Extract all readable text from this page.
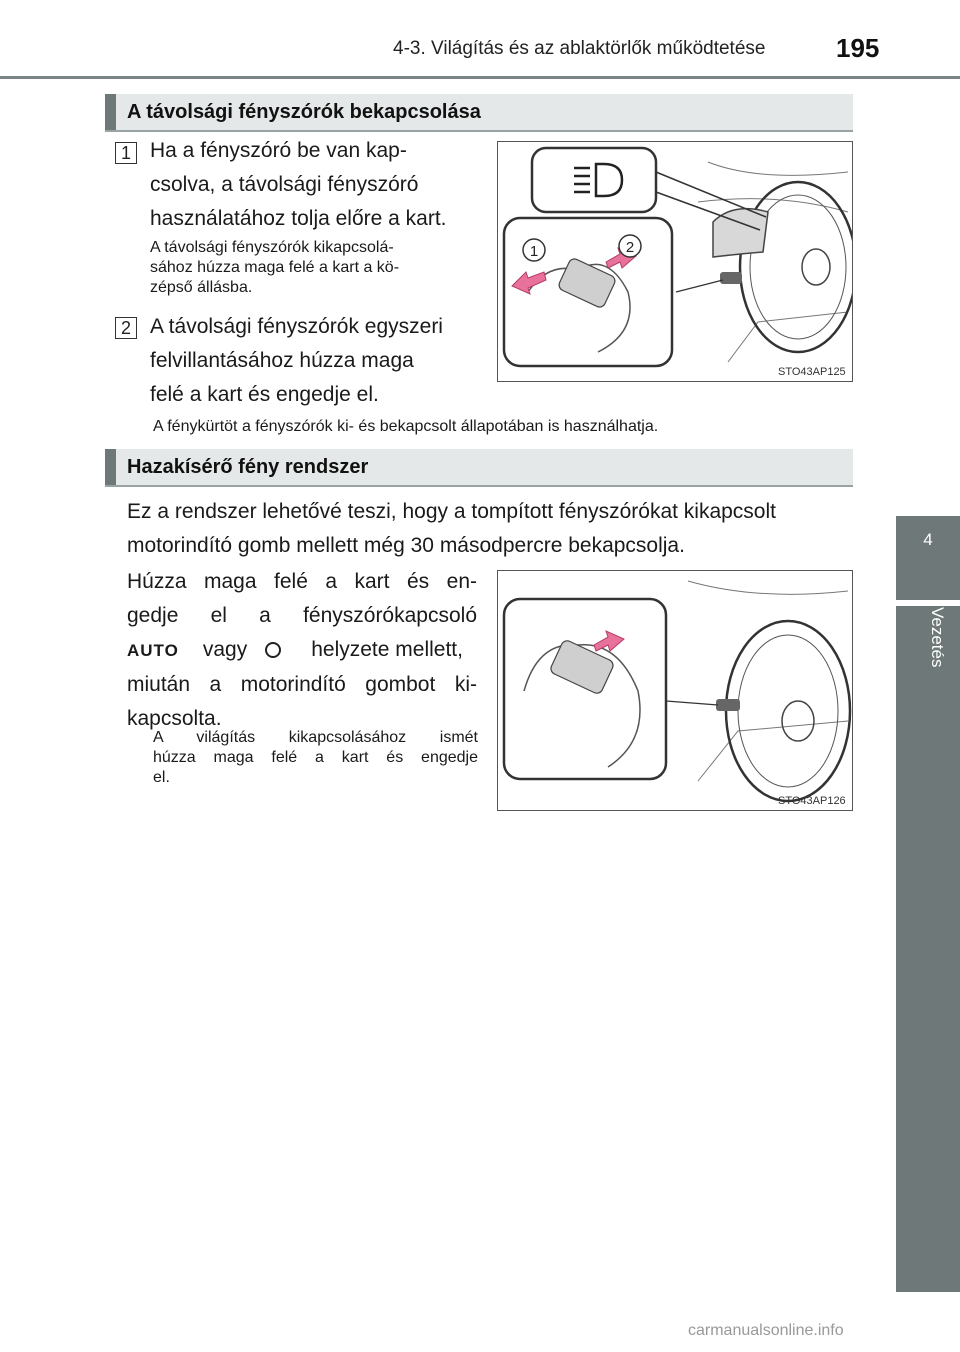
4-3. Világítás és az ablaktörlők működtetése	195
4
Vezetés
A távolsági fényszórók bekapcsolása
1 Ha a fényszóró be van kap-
csolva, a távolsági fényszóró
használatához tolja előre a kart.
A távolsági fényszórók kikapcsolá-
sához húzza maga felé a kart a kö-
zépső állásba.
2 A távolsági fényszórók egyszeri
felvillantásához húzza maga
felé a kart és engedje el.
1	2
STO43AP125
A fénykürtöt a fényszórók ki- és bekapcsolt állapotában is használhatja.
Hazakísérő fény rendszer
Ez a rendszer lehetővé teszi, hogy a tompított fényszórókat kikapcsolt
motorindító gomb mellett még 30 másodpercre bekapcsolja.
Húzza maga felé a kart és en-
gedje el a fényszórókapcsoló
AUTO vagy	helyzete mellett,
miután a motorindító gombot ki-
kapcsolta.
A világítás kikapcsolásához ismét
húzza maga felé a kart és engedje
el.
STO43AP126
carmanualsonline.info
